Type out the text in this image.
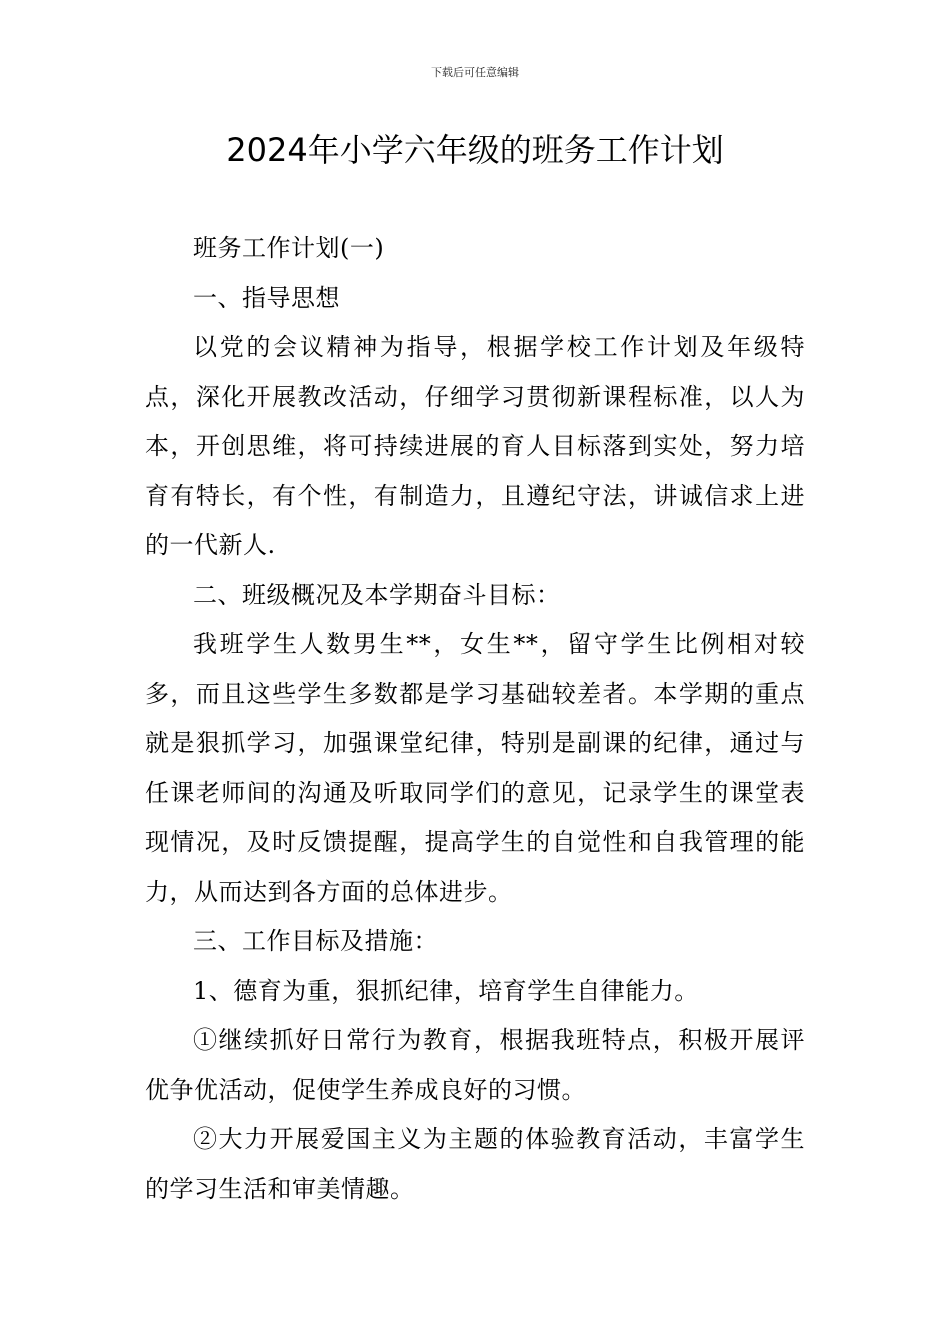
下载后可任意编辑
2024年小学六年级的班务工作计划

班务工作计划(一)

一、指导思想

以党的会议精神为指导，根据学校工作计划及年级特点，深化开展教改活动，仔细学习贯彻新课程标准，以人为本，开创思维，将可持续进展的育人目标落到实处，努力培育有特长，有个性，有制造力，且遵纪守法，讲诚信求上进的一代新人.

二、班级概况及本学期奋斗目标：

我班学生人数男生**，女生**，留守学生比例相对较多，而且这些学生多数都是学习基础较差者。本学期的重点就是狠抓学习，加强课堂纪律，特别是副课的纪律，通过与任课老师间的沟通及听取同学们的意见，记录学生的课堂表现情况，及时反馈提醒，提高学生的自觉性和自我管理的能力，从而达到各方面的总体进步。

三、工作目标及措施：

1、德育为重，狠抓纪律，培育学生自律能力。

①继续抓好日常行为教育，根据我班特点，积极开展评优争优活动，促使学生养成良好的习惯。

②大力开展爱国主义为主题的体验教育活动，丰富学生的学习生活和审美情趣。
